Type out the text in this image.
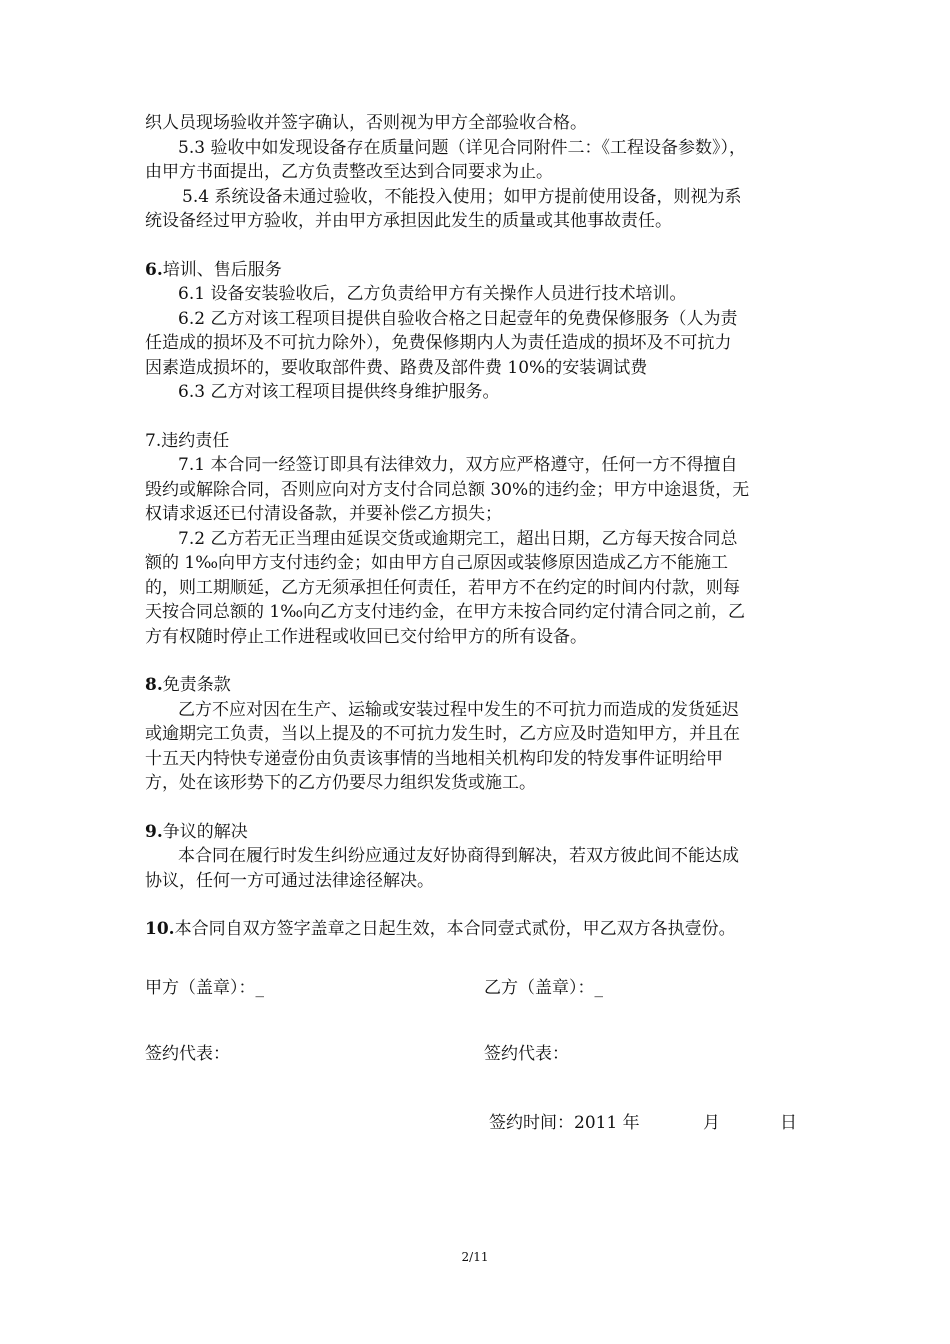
织人员现场验收并签字确认，否则视为甲方全部验收合格。
5.3 验收中如发现设备存在质量问题（详见合同附件二：《工程设备参数》），
由甲方书面提出，乙方负责整改至达到合同要求为止。
5.4 系统设备未通过验收，不能投入使用；如甲方提前使用设备，则视为系
统设备经过甲方验收，并由甲方承担因此发生的质量或其他事故责任。
6.培训、售后服务
6.1 设备安装验收后，乙方负责给甲方有关操作人员进行技术培训。
6.2 乙方对该工程项目提供自验收合格之日起壹年的免费保修服务（人为责
任造成的损坏及不可抗力除外），免费保修期内人为责任造成的损坏及不可抗力
因素造成损坏的，要收取部件费、路费及部件费 10%的安装调试费
6.3 乙方对该工程项目提供终身维护服务。
7.违约责任
7.1 本合同一经签订即具有法律效力，双方应严格遵守，任何一方不得擅自
毁约或解除合同，否则应向对方支付合同总额 30%的违约金；甲方中途退货，无
权请求返还已付清设备款，并要补偿乙方损失；
7.2 乙方若无正当理由延误交货或逾期完工，超出日期，乙方每天按合同总
额的 1‰向甲方支付违约金；如由甲方自己原因或装修原因造成乙方不能施工
的，则工期顺延，乙方无须承担任何责任，若甲方不在约定的时间内付款，则每
天按合同总额的 1‰向乙方支付违约金，在甲方未按合同约定付清合同之前，乙
方有权随时停止工作进程或收回已交付给甲方的所有设备。
8.免责条款
乙方不应对因在生产、运输或安装过程中发生的不可抗力而造成的发货延迟
或逾期完工负责，当以上提及的不可抗力发生时，乙方应及时造知甲方，并且在
十五天内特快专递壹份由负责该事情的当地相关机构印发的特发事件证明给甲
方，处在该形势下的乙方仍要尽力组织发货或施工。
9.争议的解决
本合同在履行时发生纠纷应通过友好协商得到解决，若双方彼此间不能达成
协议，任何一方可通过法律途径解决。
10.本合同自双方签字盖章之日起生效，本合同壹式贰份，甲乙双方各执壹份。
甲方（盖章）：_	乙方（盖章）：_
签约代表：	签约代表：
签约时间：2011 年	月	日
2/11
